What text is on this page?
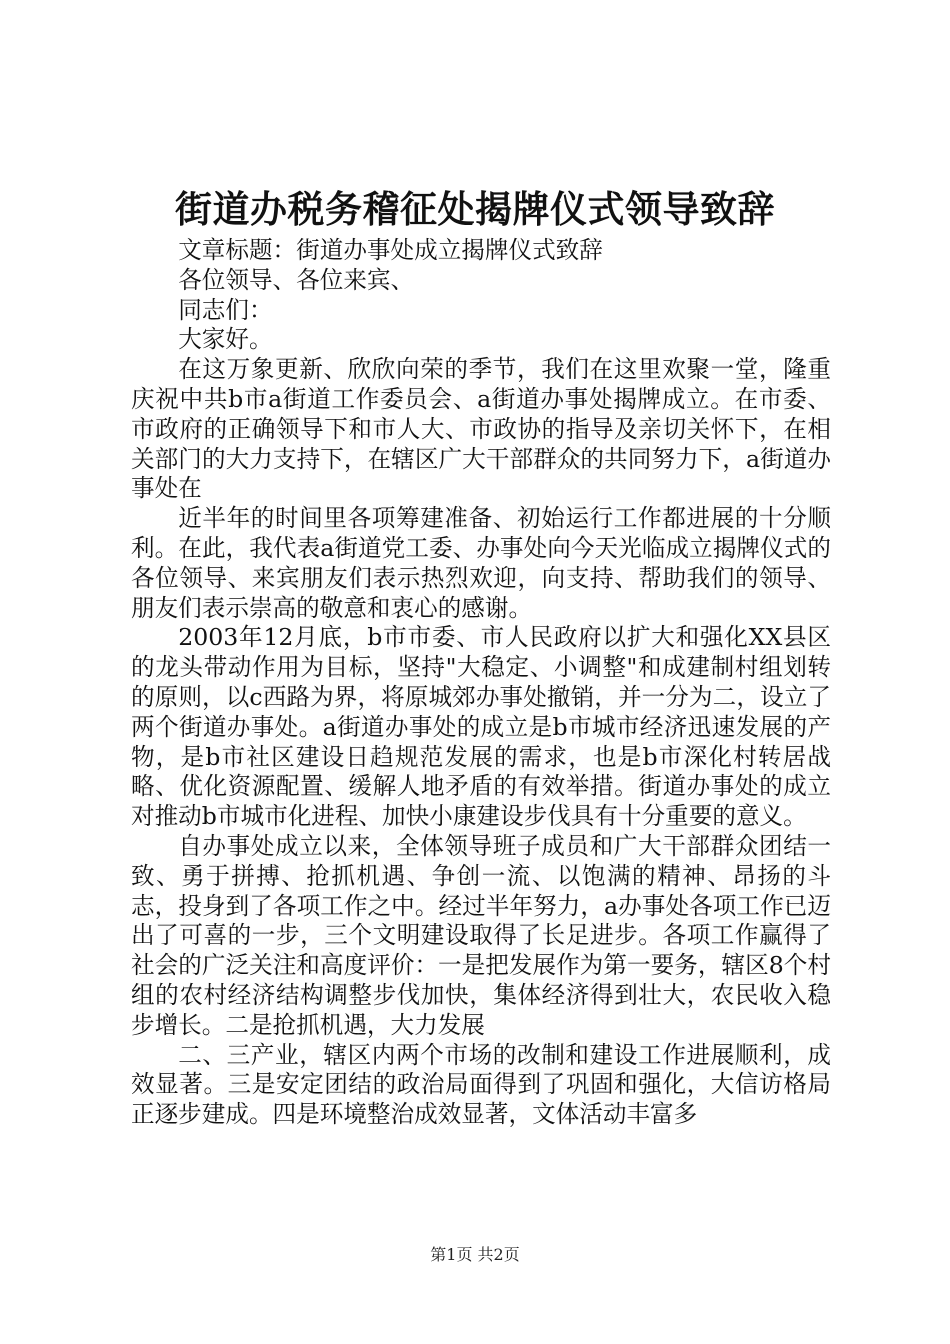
街道办税务稽征处揭牌仪式领导致辞

文章标题：街道办事处成立揭牌仪式致辞

各位领导、各位来宾、

同志们：

大家好。

在这万象更新、欣欣向荣的季节，我们在这里欢聚一堂，隆重庆祝中共b市a街道工作委员会、a街道办事处揭牌成立。在市委、市政府的正确领导下和市人大、市政协的指导及亲切关怀下，在相关部门的大力支持下，在辖区广大干部群众的共同努力下，a街道办事处在

近半年的时间里各项筹建准备、初始运行工作都进展的十分顺利。在此，我代表a街道党工委、办事处向今天光临成立揭牌仪式的各位领导、来宾朋友们表示热烈欢迎，向支持、帮助我们的领导、朋友们表示崇高的敬意和衷心的感谢。

2003年12月底，b市市委、市人民政府以扩大和强化XX县区的龙头带动作用为目标，坚持"大稳定、小调整"和成建制村组划转的原则，以c西路为界，将原城郊办事处撤销，并一分为二，设立了两个街道办事处。a街道办事处的成立是b市城市经济迅速发展的产物，是b市社区建设日趋规范发展的需求，也是b市深化村转居战略、优化资源配置、缓解人地矛盾的有效举措。街道办事处的成立对推动b市城市化进程、加快小康建设步伐具有十分重要的意义。

自办事处成立以来，全体领导班子成员和广大干部群众团结一致、勇于拼搏、抢抓机遇、争创一流、以饱满的精神、昂扬的斗志，投身到了各项工作之中。经过半年努力，a办事处各项工作已迈出了可喜的一步，三个文明建设取得了长足进步。各项工作赢得了社会的广泛关注和高度评价：一是把发展作为第一要务，辖区8个村组的农村经济结构调整步伐加快，集体经济得到壮大，农民收入稳步增长。二是抢抓机遇，大力发展

二、三产业，辖区内两个市场的改制和建设工作进展顺利，成效显著。三是安定团结的政治局面得到了巩固和强化，大信访格局正逐步建成。四是环境整治成效显著，文体活动丰富多

第1页 共2页
